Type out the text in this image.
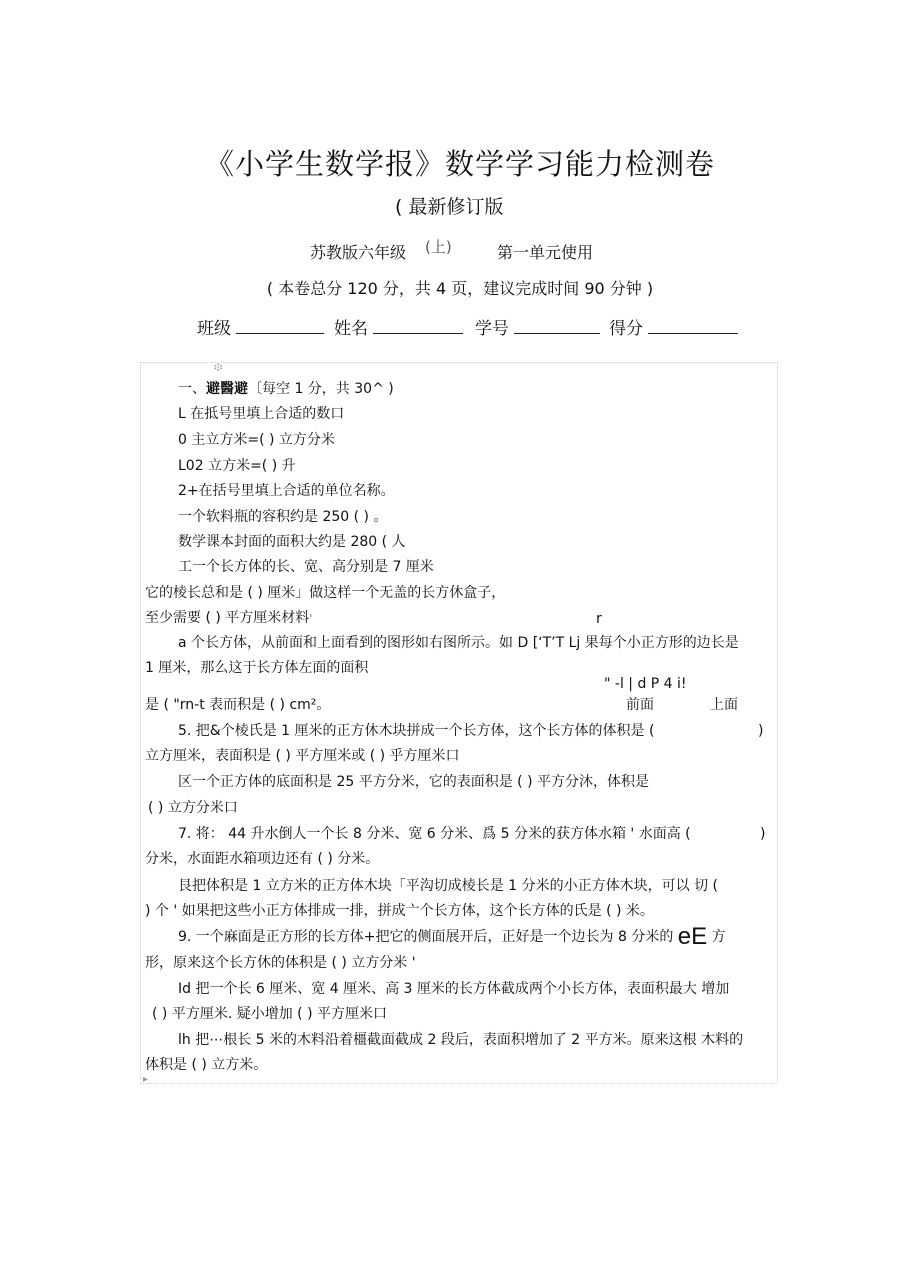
《小学生数学报》数学学习能力检测卷
( 最新修订版
苏教版六年级 (上)	第一单元使用
( 本卷总分 120 分，共 4 页，建议完成时间 90 分钟 )
班级	姓名	学号	得分
፨
▸
一、避醫避〔每空 1 分，共 30^ )
L 在抵号里填上合适的数口
0 主立方米=( ) 立方分米
L02 立方米=( ) 升
2+在括号里填上合适的单位名称。
一个软料瓶的容积约是 250 ( ) 。
数学课本封面的面积大约是 280 ( 人
工一个长方体的长、宽、高分别是 7 厘米
它的棱长总和是 ( ) 厘米」做这样一个无盖的长方休盒子，
至少需要 ( ) 平方厘米材料'	r
a 个长方体，从前面和上面看到的图形如右图所示。如 D [‘T’T Lj 果每个小正方形的边长是
1 厘米，那么这于长方体左面的面积
" -l | d P 4 i!
是 ( "rn-t 表而积是 ( ) cm²。	前面	上面
5. 把&个棱氏是 1 厘米的正方休木块拼成一个长方体，这个长方体的体积是 (	)
立方厘米，表面积是 ( ) 平方厘米或 ( ) 乎方厘米口
区一个正方体的底面积是 25 平方分米，它的表面积是 ( ) 平方分沐，体积是
( ) 立方分米口
7. 将： 44 升水倒人一个长 8 分米、宽 6 分米、爲 5 分米的获方体水箱 ' 水面高 (	)
分米，水面距水箱项边还有 ( ) 分米。
艮把体积是 1 立方米的正方体木块「平沟切成棱长是 1 分米的小正方体木块，可以 切 (
) 个 ' 如果把这些小正方体排成一排，拼成亠个长方体，这个长方体的氏是 ( ) 米。
9. 一个麻面是正方形的长方体+把它的侧面展开后，正好是一个边长为 8 分米的 eE 方
形，原来这个长方休的体积是 ( ) 立方分米 '
Id 把一个长 6 厘米、宽 4 厘米、高 3 厘米的长方体截成两个小长方体，表面积最大 增加
( ) 平方厘米. 疑小增加 ( ) 平方厘米口
lh 把⋯根长 5 米的木料沿着橿截面截成 2 段后，表面积增加了 2 平方米。原来这根 木料的
体积是 ( ) 立方米。
